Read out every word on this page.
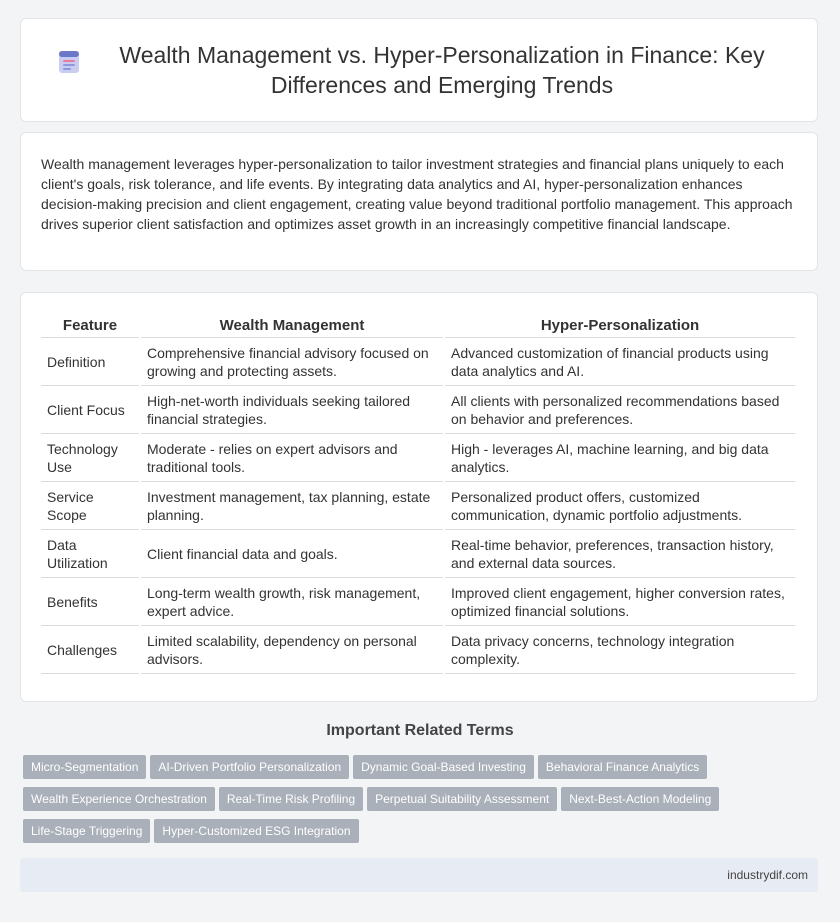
Wealth Management vs. Hyper-Personalization in Finance: Key Differences and Emerging Trends

Wealth management leverages hyper-personalization to tailor investment strategies and financial plans uniquely to each client's goals, risk tolerance, and life events. By integrating data analytics and AI, hyper-personalization enhances decision-making precision and client engagement, creating value beyond traditional portfolio management. This approach drives superior client satisfaction and optimizes asset growth in an increasingly competitive financial landscape.

Feature	Wealth Management	Hyper-Personalization
Definition	Comprehensive financial advisory focused on growing and protecting assets.	Advanced customization of financial products using data analytics and AI.
Client Focus	High-net-worth individuals seeking tailored financial strategies.	All clients with personalized recommendations based on behavior and preferences.
Technology Use	Moderate - relies on expert advisors and traditional tools.	High - leverages AI, machine learning, and big data analytics.
Service Scope	Investment management, tax planning, estate planning.	Personalized product offers, customized communication, dynamic portfolio adjustments.
Data Utilization	Client financial data and goals.	Real-time behavior, preferences, transaction history, and external data sources.
Benefits	Long-term wealth growth, risk management, expert advice.	Improved client engagement, higher conversion rates, optimized financial solutions.
Challenges	Limited scalability, dependency on personal advisors.	Data privacy concerns, technology integration complexity.
Important Related Terms
Micro-Segmentation AI-Driven Portfolio Personalization Dynamic Goal-Based Investing Behavioral Finance Analytics
Wealth Experience Orchestration Real-Time Risk Profiling Perpetual Suitability Assessment Next-Best-Action Modeling
Life-Stage Triggering Hyper-Customized ESG Integration
industrydif.com
